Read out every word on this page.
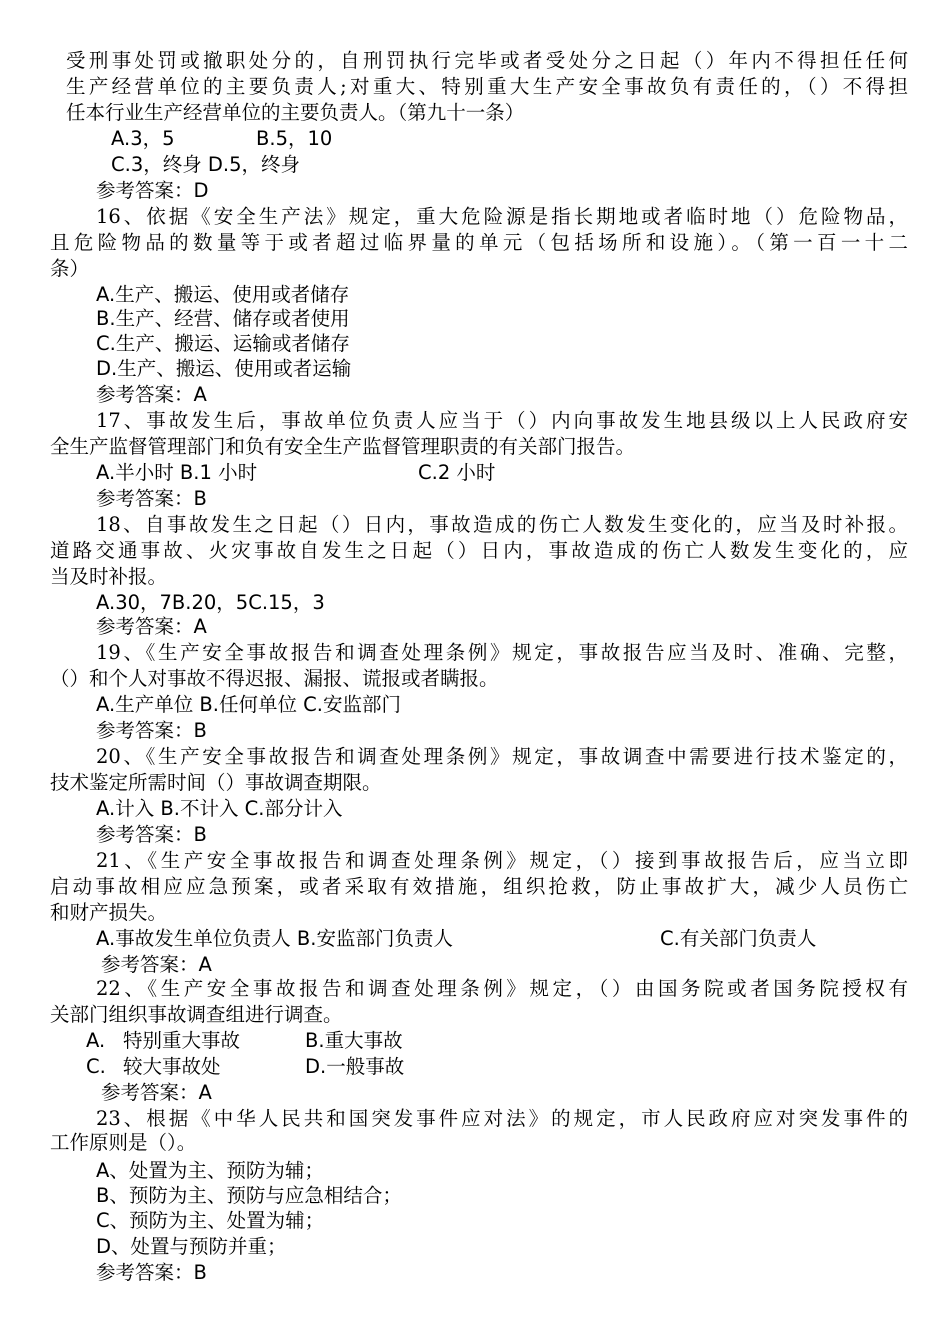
受刑事处罚或撤职处分的，自刑罚执行完毕或者受处分之日起（）年内不得担任任何
生产经营单位的主要负责人;对重大、特别重大生产安全事故负有责任的，（）不得担
任本行业生产经营单位的主要负责人。（第九十一条）
A.3，5	B.5，10
C.3，终身 D.5，终身
参考答案：D
16、依据《安全生产法》规定，重大危险源是指长期地或者临时地（）危险物品，
且危险物品的数量等于或者超过临界量的单元（包括场所和设施）。（第一百一十二
条）
A.生产、搬运、使用或者储存
B.生产、经营、储存或者使用
C.生产、搬运、运输或者储存
D.生产、搬运、使用或者运输
参考答案：A
17、事故发生后，事故单位负责人应当于（）内向事故发生地县级以上人民政府安
全生产监督管理部门和负有安全生产监督管理职责的有关部门报告。
A.半小时 B.1 小时	C.2 小时
参考答案：B
18、自事故发生之日起（）日内，事故造成的伤亡人数发生变化的，应当及时补报。
道路交通事故、火灾事故自发生之日起（）日内，事故造成的伤亡人数发生变化的，应
当及时补报。
A.30，7B.20，5C.15，3
参考答案：A
19、《生产安全事故报告和调查处理条例》规定，事故报告应当及时、准确、完整，
（）和个人对事故不得迟报、漏报、谎报或者瞒报。
A.生产单位 B.任何单位 C.安监部门
参考答案：B
20、《生产安全事故报告和调查处理条例》规定，事故调查中需要进行技术鉴定的，
技术鉴定所需时间（）事故调查期限。
A.计入 B.不计入 C.部分计入
参考答案：B
21、《生产安全事故报告和调查处理条例》规定，（）接到事故报告后，应当立即
启动事故相应应急预案，或者采取有效措施，组织抢救，防止事故扩大，减少人员伤亡
和财产损失。
A.事故发生单位负责人 B.安监部门负责人	C.有关部门负责人
参考答案：A
22、《生产安全事故报告和调查处理条例》规定，（）由国务院或者国务院授权有
关部门组织事故调查组进行调查。
A. 特别重大事故	B.重大事故
C. 较大事故处	D.一般事故
参考答案：A
23、根据《中华人民共和国突发事件应对法》的规定，市人民政府应对突发事件的
工作原则是（）。
A、处置为主、预防为辅；
B、预防为主、预防与应急相结合；
C、预防为主、处置为辅；
D、处置与预防并重；
参考答案：B
